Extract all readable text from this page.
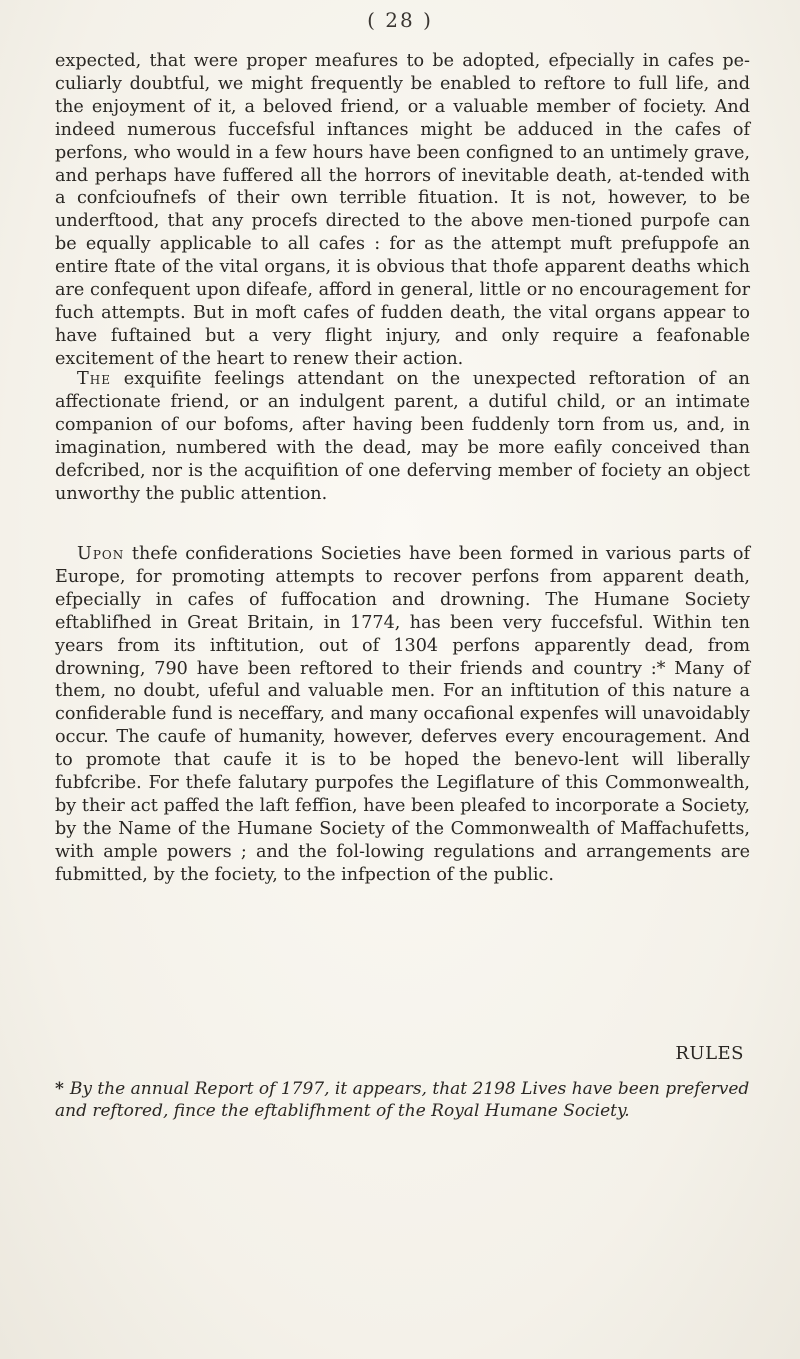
( 28 )

expected, that were proper meafures to be adopted, efpecially in cafes pe-culiarly doubtful, we might frequently be enabled to reftore to full life, and the enjoyment of it, a beloved friend, or a valuable member of fociety. And indeed numerous fuccefsful inftances might be adduced in the cafes of perfons, who would in a few hours have been configned to an untimely grave, and perhaps have fuffered all the horrors of inevitable death, at-tended with a confcioufnefs of their own terrible fituation. It is not, however, to be underftood, that any procefs directed to the above men-tioned purpofe can be equally applicable to all cafes : for as the attempt muft prefuppofe an entire ftate of the vital organs, it is obvious that thofe apparent deaths which are confequent upon difeafe, afford in general, little or no encouragement for fuch attempts. But in moft cafes of fudden death, the vital organs appear to have fuftained but a very flight injury, and only require a feafonable excitement of the heart to renew their action.

The exquifite feelings attendant on the unexpected reftoration of an affectionate friend, or an indulgent parent, a dutiful child, or an intimate companion of our bofoms, after having been fuddenly torn from us, and, in imagination, numbered with the dead, may be more eafily conceived than defcribed, nor is the acquifition of one deferving member of fociety an object unworthy the public attention.

Upon thefe confiderations Societies have been formed in various parts of Europe, for promoting attempts to recover perfons from apparent death, efpecially in cafes of fuffocation and drowning. The Humane Society eftablifhed in Great Britain, in 1774, has been very fuccefsful. Within ten years from its inftitution, out of 1304 perfons apparently dead, from drowning, 790 have been reftored to their friends and country :* Many of them, no doubt, ufeful and valuable men. For an inftitution of this nature a confiderable fund is neceffary, and many occafional expenfes will unavoidably occur. The caufe of humanity, however, deferves every encouragement. And to promote that caufe it is to be hoped the benevo-lent will liberally fubfcribe. For thefe falutary purpofes the Legiflature of this Commonwealth, by their act paffed the laft feffion, have been pleafed to incorporate a Society, by the Name of the Humane Society of the Commonwealth of Maffachufetts, with ample powers ; and the fol-lowing regulations and arrangements are fubmitted, by the fociety, to the infpection of the public.

RULES

* By the annual Report of 1797, it appears, that 2198 Lives have been preferved and reftored, fince the eftablifhment of the Royal Humane Society.
